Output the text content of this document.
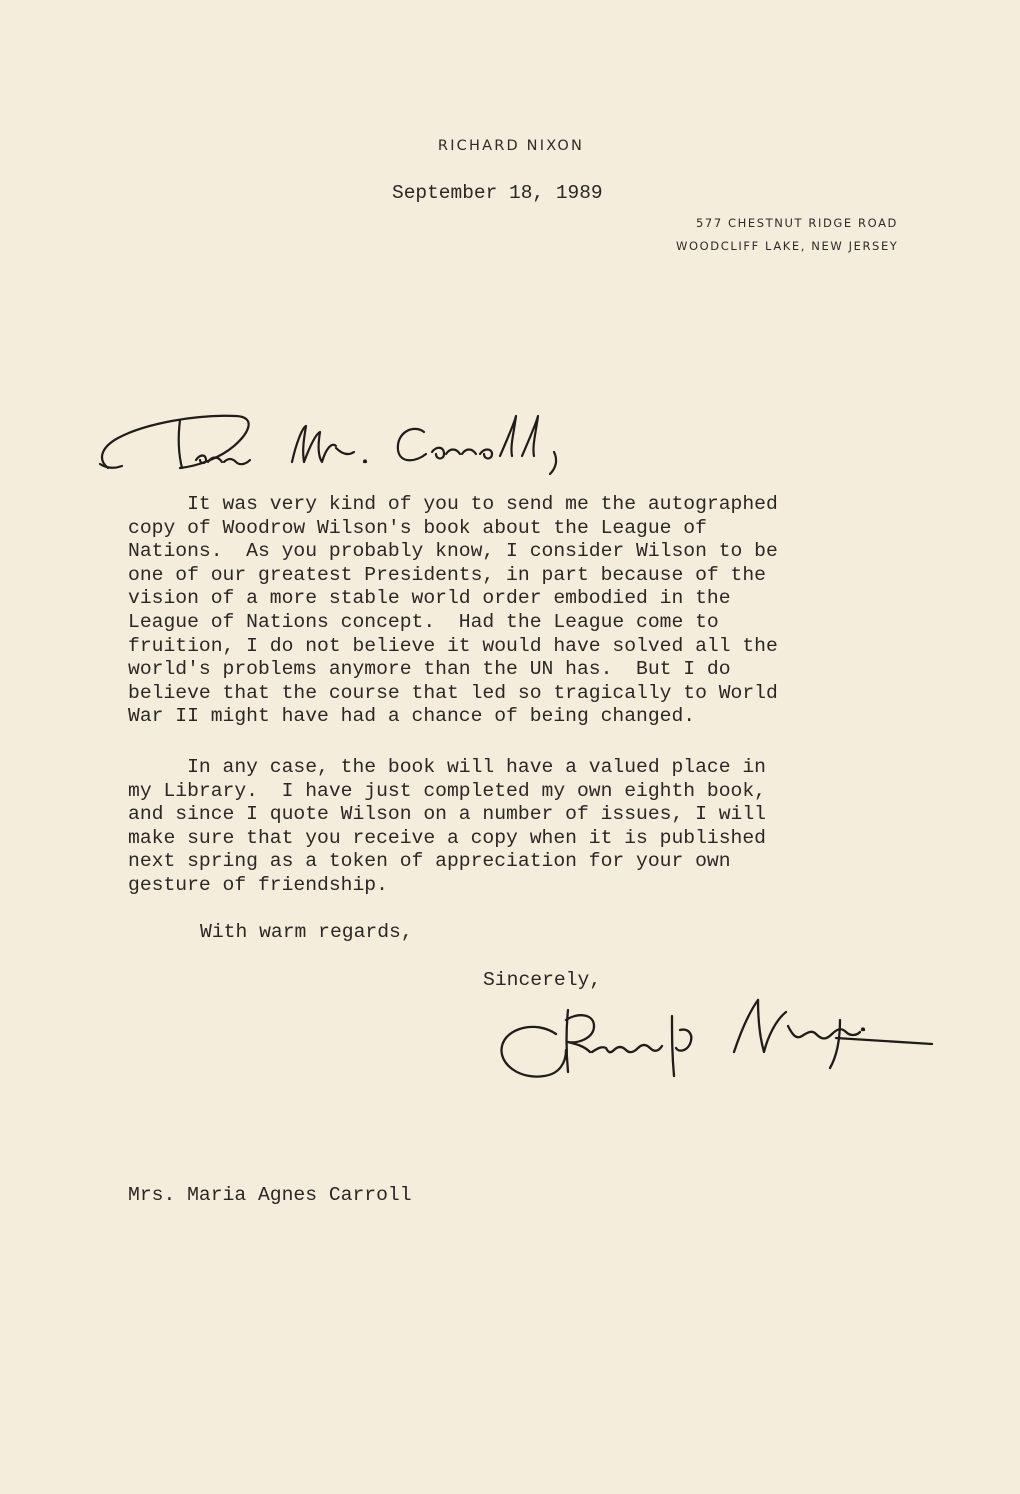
RICHARD NIXON
September 18, 1989
577 CHESTNUT RIDGE ROAD
WOODCLIFF LAKE, NEW JERSEY
It was very kind of you to send me the autographed
copy of Woodrow Wilson's book about the League of
Nations.  As you probably know, I consider Wilson to be
one of our greatest Presidents, in part because of the
vision of a more stable world order embodied in the
League of Nations concept.  Had the League come to
fruition, I do not believe it would have solved all the
world's problems anymore than the UN has.  But I do
believe that the course that led so tragically to World
War II might have had a chance of being changed.
In any case, the book will have a valued place in
my Library.  I have just completed my own eighth book,
and since I quote Wilson on a number of issues, I will
make sure that you receive a copy when it is published
next spring as a token of appreciation for your own
gesture of friendship.
With warm regards,
Sincerely,
Mrs. Maria Agnes Carroll
